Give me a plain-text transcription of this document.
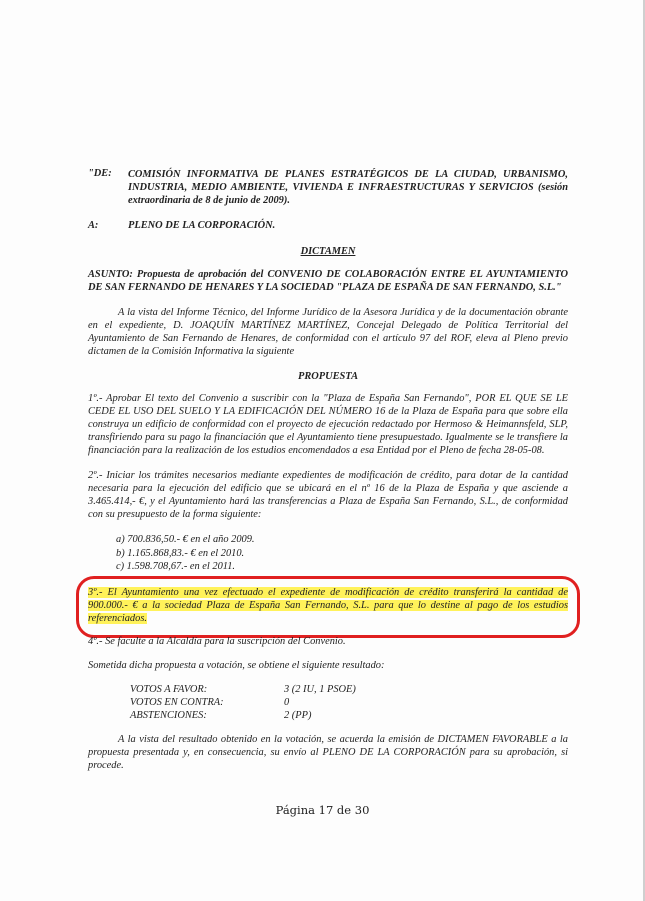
"DE: COMISIÓN INFORMATIVA DE PLANES ESTRATÉGICOS DE LA CIUDAD, URBANISMO, INDUSTRIA, MEDIO AMBIENTE, VIVIENDA E INFRAESTRUCTURAS Y SERVICIOS (sesión extraordinaria de 8 de junio de 2009).
A:	PLENO DE LA CORPORACIÓN.
DICTAMEN
ASUNTO: Propuesta de aprobación del CONVENIO DE COLABORACIÓN ENTRE EL AYUNTAMIENTO DE SAN FERNANDO DE HENARES Y LA SOCIEDAD "PLAZA DE ESPAÑA DE SAN FERNANDO, S.L."
A la vista del Informe Técnico, del Informe Jurídico de la Asesora Jurídica y de la documentación obrante en el expediente, D. JOAQUÍN MARTÍNEZ MARTÍNEZ, Concejal Delegado de Política Territorial del Ayuntamiento de San Fernando de Henares, de conformidad con el artículo 97 del ROF, eleva al Pleno previo dictamen de la Comisión Informativa la siguiente
PROPUESTA
1º.- Aprobar El texto del Convenio a suscribir con la "Plaza de España San Fernando", POR EL QUE SE LE CEDE EL USO DEL SUELO Y LA EDIFICACIÓN DEL NÚMERO 16 de la Plaza de España para que sobre ella construya un edificio de conformidad con el proyecto de ejecución redactado por Hermoso & Heimannsfeld, SLP, transfiriendo para su pago la financiación que el Ayuntamiento tiene presupuestado. Igualmente se le transfiere la financiación para la realización de los estudios encomendados a esa Entidad por el Pleno de fecha 28-05-08.
2º.- Iniciar los trámites necesarios mediante expedientes de modificación de crédito, para dotar de la cantidad necesaria para la ejecución del edificio que se ubicará en el nº 16 de la Plaza de España y que asciende a 3.465.414,- €, y el Ayuntamiento hará las transferencias a Plaza de España San Fernando, S.L., de conformidad con su presupuesto de la forma siguiente:
a) 700.836,50.- € en el año 2009.
b) 1.165.868,83.- € en el 2010.
c) 1.598.708,67.- en el 2011.
3º.- El Ayuntamiento una vez efectuado el expediente de modificación de crédito transferirá la cantidad de 900.000.- € a la sociedad Plaza de España San Fernando, S.L. para que lo destine al pago de los estudios referenciados.
4º.- Se faculte a la Alcaldía para la suscripción del Convenio.
Sometida dicha propuesta a votación, se obtiene el siguiente resultado:
VOTOS A FAVOR:	3 (2 IU, 1 PSOE)
VOTOS EN CONTRA:	0
ABSTENCIONES:	2 (PP)
A la vista del resultado obtenido en la votación, se acuerda la emisión de DICTAMEN FAVORABLE a la propuesta presentada y, en consecuencia, su envío al PLENO DE LA CORPORACIÓN para su aprobación, si procede.
Página 17 de 30
